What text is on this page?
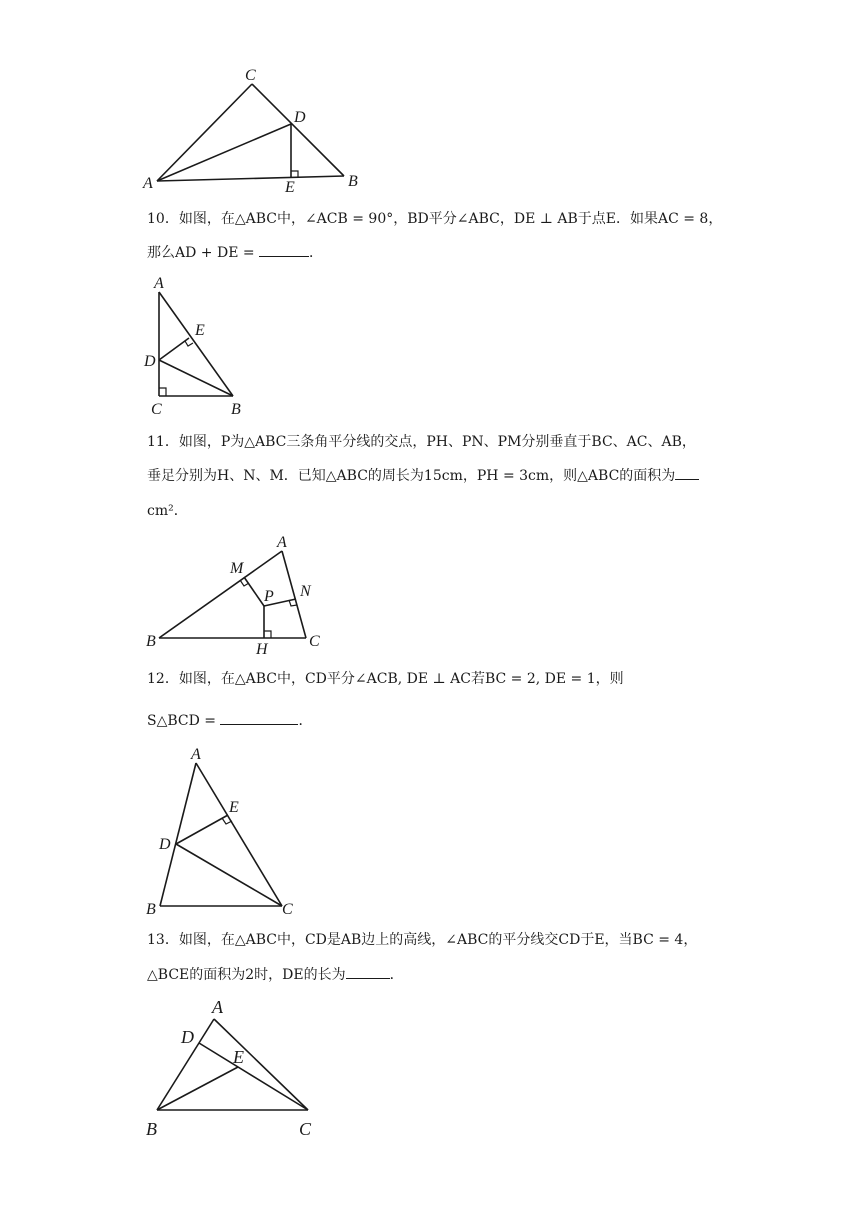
C
D
A	E	B
10．如图，在△ABC中，∠ACB = 90°，BD平分∠ABC，DE ⊥ AB于点E．如果AC = 8，
那么AD + DE =	．
A
E
D
C	B
11．如图，P为△ABC三条角平分线的交点，PH、PN、PM分别垂直于BC、AC、AB，
垂足分别为H、N、M．已知△ABC的周长为15cm，PH = 3cm，则△ABC的面积为
cm²．
A
M
N
P
B	C
H
12．如图，在△ABC中，CD平分∠ACB, DE ⊥ AC若BC = 2, DE = 1，则
S△BCD =	．
A
E
D
B	C
13．如图，在△ABC中，CD是AB边上的高线，∠ABC的平分线交CD于E，当BC = 4，
△BCE的面积为2时，DE的长为	．
A
D
E
B	C
